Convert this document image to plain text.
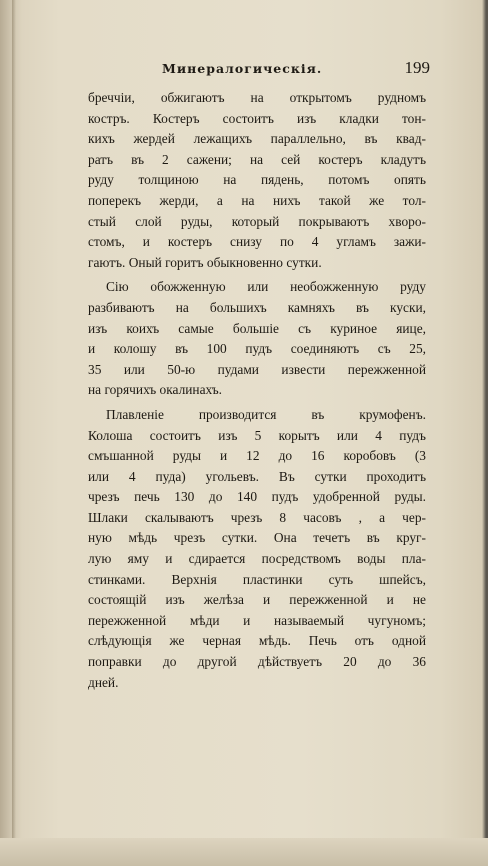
Минералогическія.	199
бреччіи, обжигаютъ на открытомъ рудномъ
костръ. Костеръ состоитъ изъ кладки тон-
кихъ жердей лежащихъ параллельно, въ квад-
ратъ въ 2 сажени; на сей костеръ кладутъ
руду толщиною на пядень, потомъ опять
поперекъ жерди, а на нихъ такой же тол-
стый слой руды, который покрываютъ хворо-
стомъ, и костеръ снизу по 4 угламъ зажи-
гаютъ. Оный горитъ обыкновенно сутки.
Сію обожженную или необожженную руду
разбиваютъ на большихъ камняхъ въ куски,
изъ коихъ самые большіе съ куриное яице,
и колошу въ 100 пудъ соединяютъ съ 25,
35 или 50-ю пудами извести пережженной
на горячихъ окалинахъ.
Плавленіе производится въ крумофенъ.
Колоша состоитъ изъ 5 корытъ или 4 пудъ
смъшанной руды и 12 до 16 коробовъ (3
или 4 пуда) угольевъ. Въ сутки проходитъ
чрезъ печь 130 до 140 пудъ удобренной руды.
Шлаки скалываютъ чрезъ 8 часовъ , а чер-
ную мѣдь чрезъ сутки. Она течетъ въ круг-
лую яму и сдирается посредствомъ воды пла-
стинками. Верхнія пластинки суть шпейсъ,
состоящій изъ желѣза и пережженной и не
пережженной мѣди и называемый чугуномъ;
слѣдующія же черная мѣдь. Печь отъ одной
поправки до другой дѣйствуетъ 20 до 36
дней.
